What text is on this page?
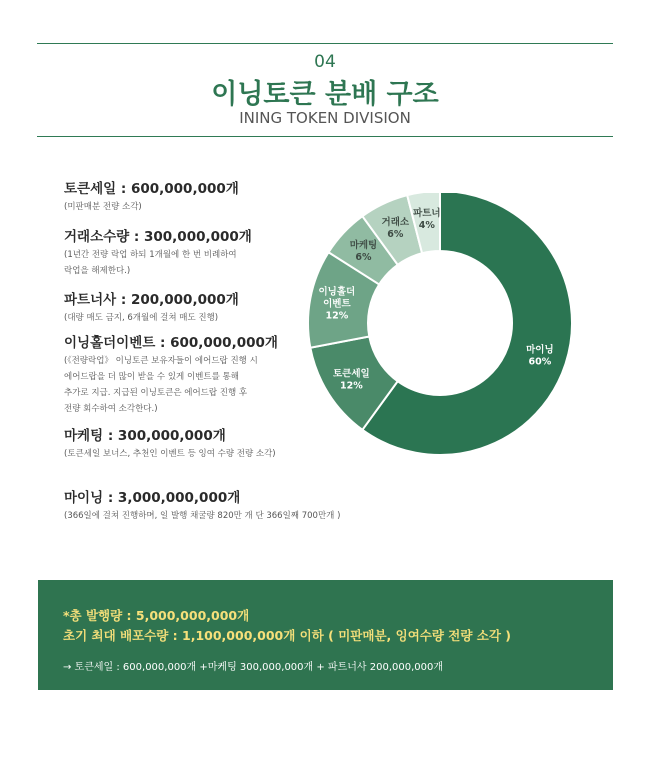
04
이닝토큰 분배 구조
INING TOKEN DIVISION
토큰세일 : 600,000,000개
(미판매분 전량 소각)
거래소수량 : 300,000,000개
(1년간 전량 락업 하되 1개월에 한 번 비례하여
락업을 해제한다.)
파트너사 : 200,000,000개
(대량 매도 금지, 6개월에 걸쳐 매도 진행)
이닝홀더이벤트 : 600,000,000개
(《전량락업》 이닝토큰 보유자들이 에어드랍 진행 시
에어드랍을 더 많이 받을 수 있게 이벤트를 통해
추가로 지급. 지급된 이닝토큰은 에어드랍 진행 후
전량 회수하여 소각한다.)
마케팅 : 300,000,000개
(토큰세일 보너스, 추천인 이벤트 등 잉여 수량 전량 소각)
마이닝 : 3,000,000,000개
(366일에 걸쳐 진행하며, 일 발행 채굴량 820만 개 단 366일째 700만개 )
마이닝 60%
토큰세일 12%
이닝홀더 이벤트 12%
마케팅 6%
거래소 6%
파트너 4%
*총 발행량 : 5,000,000,000개
초기 최대 배포수량 : 1,100,000,000개 이하 ( 미판매분, 잉여수량 전량 소각 )
→ 토큰세일 : 600,000,000개 +마케팅 300,000,000개 + 파트너사 200,000,000개
